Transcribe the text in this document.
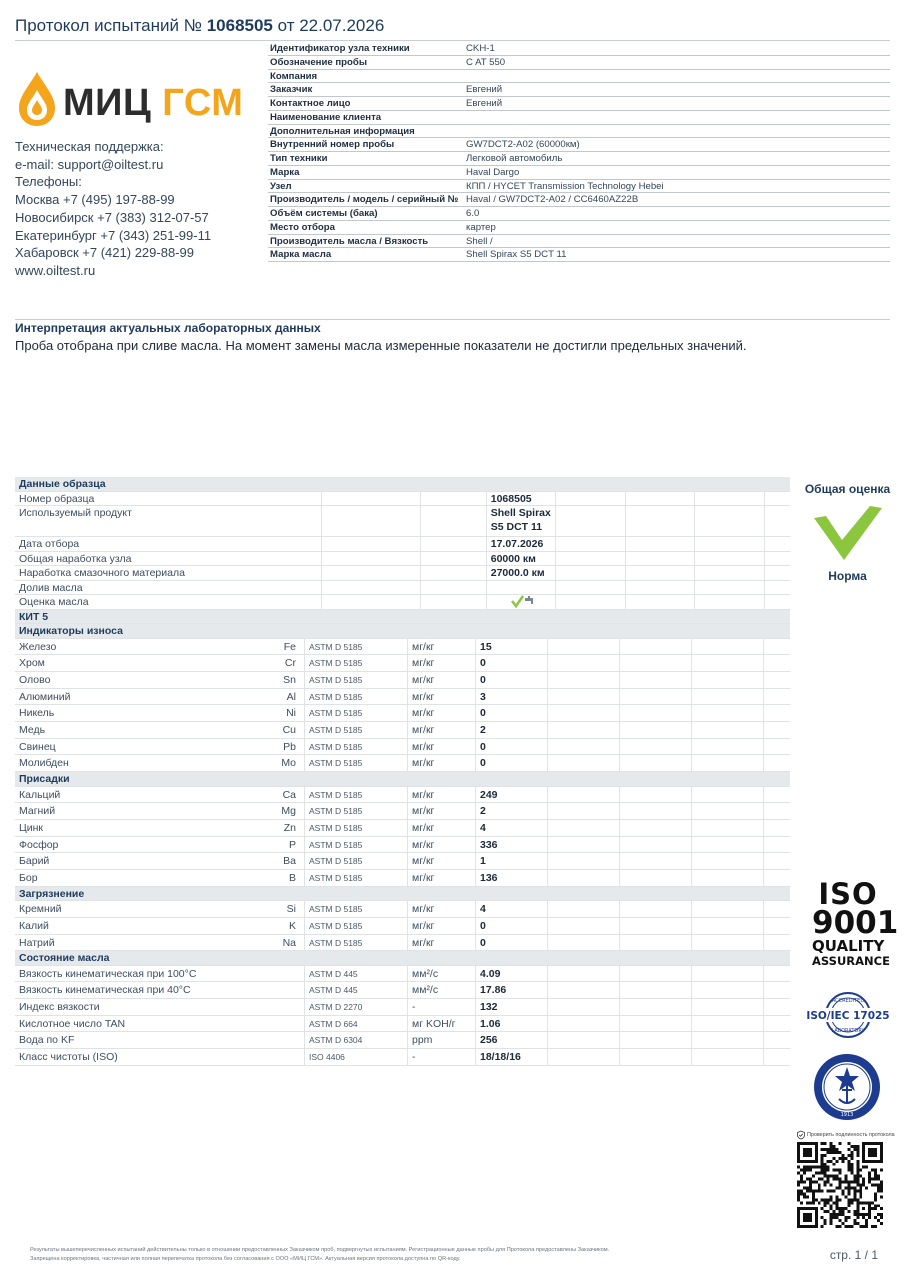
Протокол испытаний № 1068505 от 22.07.2026
МИЦ ГСМ
Техническая поддержка:
e-mail: support@oiltest.ru
Телефоны:
Москва +7 (495) 197-88-99
Новосибирск +7 (383) 312-07-57
Екатеринбург +7 (343) 251-99-11
Хабаровск +7 (421) 229-88-99
www.oiltest.ru
Идентификатор узла техники	CKH-1
Обозначение пробы	C AT 550
Компания
Заказчик	Евгений
Контактное лицо	Евгений
Наименование клиента
Дополнительная информация
Внутренний номер пробы	GW7DCT2-A02 (60000км)
Тип техники	Легковой автомобиль
Марка	Haval Dargo
Узел	КПП / HYCET Transmission Technology Hebei
Производитель / модель / серийный № Haval / GW7DCT2-A02 / CC6460AZ22B
Объём системы (бака)	6.0
Место отбора	картер
Производитель масла / Вязкость	Shell /
Марка масла	Shell Spirax S5 DCT 11
Интерпретация актуальных лабораторных данных
Проба отобрана при сливе масла. На момент замены масла измеренные показатели не достигли предельных значений.
Данные образца
Номер образца	1068505
Используемый продукт	Shell Spirax S5 DCT 11
Дата отбора	17.07.2026
Общая наработка узла	60000 км
Наработка смазочного материала	27000.0 км
Долив масла
Оценка масла
КИТ 5
Индикаторы износа
Железо	Fe	ASTM D 5185	мг/кг	15
Хром	Cr	ASTM D 5185	мг/кг	0
Олово	Sn	ASTM D 5185	мг/кг	0
Алюминий	Al	ASTM D 5185	мг/кг	3
Никель	Ni	ASTM D 5185	мг/кг	0
Медь	Cu	ASTM D 5185	мг/кг	2
Свинец	Pb	ASTM D 5185	мг/кг	0
Молибден	Mo	ASTM D 5185	мг/кг	0
Присадки
Кальций	Ca	ASTM D 5185	мг/кг	249
Магний	Mg	ASTM D 5185	мг/кг	2
Цинк	Zn	ASTM D 5185	мг/кг	4
Фосфор	P	ASTM D 5185	мг/кг	336
Барий	Ba	ASTM D 5185	мг/кг	1
Бор	B	ASTM D 5185	мг/кг	136
Загрязнение
Кремний	Si	ASTM D 5185	мг/кг	4
Калий	K	ASTM D 5185	мг/кг	0
Натрий	Na	ASTM D 5185	мг/кг	0
Состояние масла
Вязкость кинематическая при 100°C	ASTM D 445	мм²/с	4.09
Вязкость кинематическая при 40°C	ASTM D 445	мм²/с	17.86
Индекс вязкости	ASTM D 2270	-	132
Кислотное число TAN	ASTM D 664	мг KOH/г	1.06
Вода по KF	ASTM D 6304	ppm	256
Класс чистоты (ISO)	ISO 4406	-	18/18/16
Общая оценка
Норма
ISO
9001
QUALITY
ASSURANCE
ACCREDITED
ISO/IEC 17025
LABORATORY
1913
Проверить подлинность протокола
Результаты вышеперечисленных испытаний действительны только в отношении предоставленных Заказчиком проб, подвергнутых испытаниям. Регистрационные данные пробы для Протокола предоставлены Заказчиком.
Запрещена корректировка, частичная или полная перепечатка протокола без согласования с ООО «МИЦ ГСМ». Актуальная версия протокола доступна по QR-коду.	стр. 1 / 1
